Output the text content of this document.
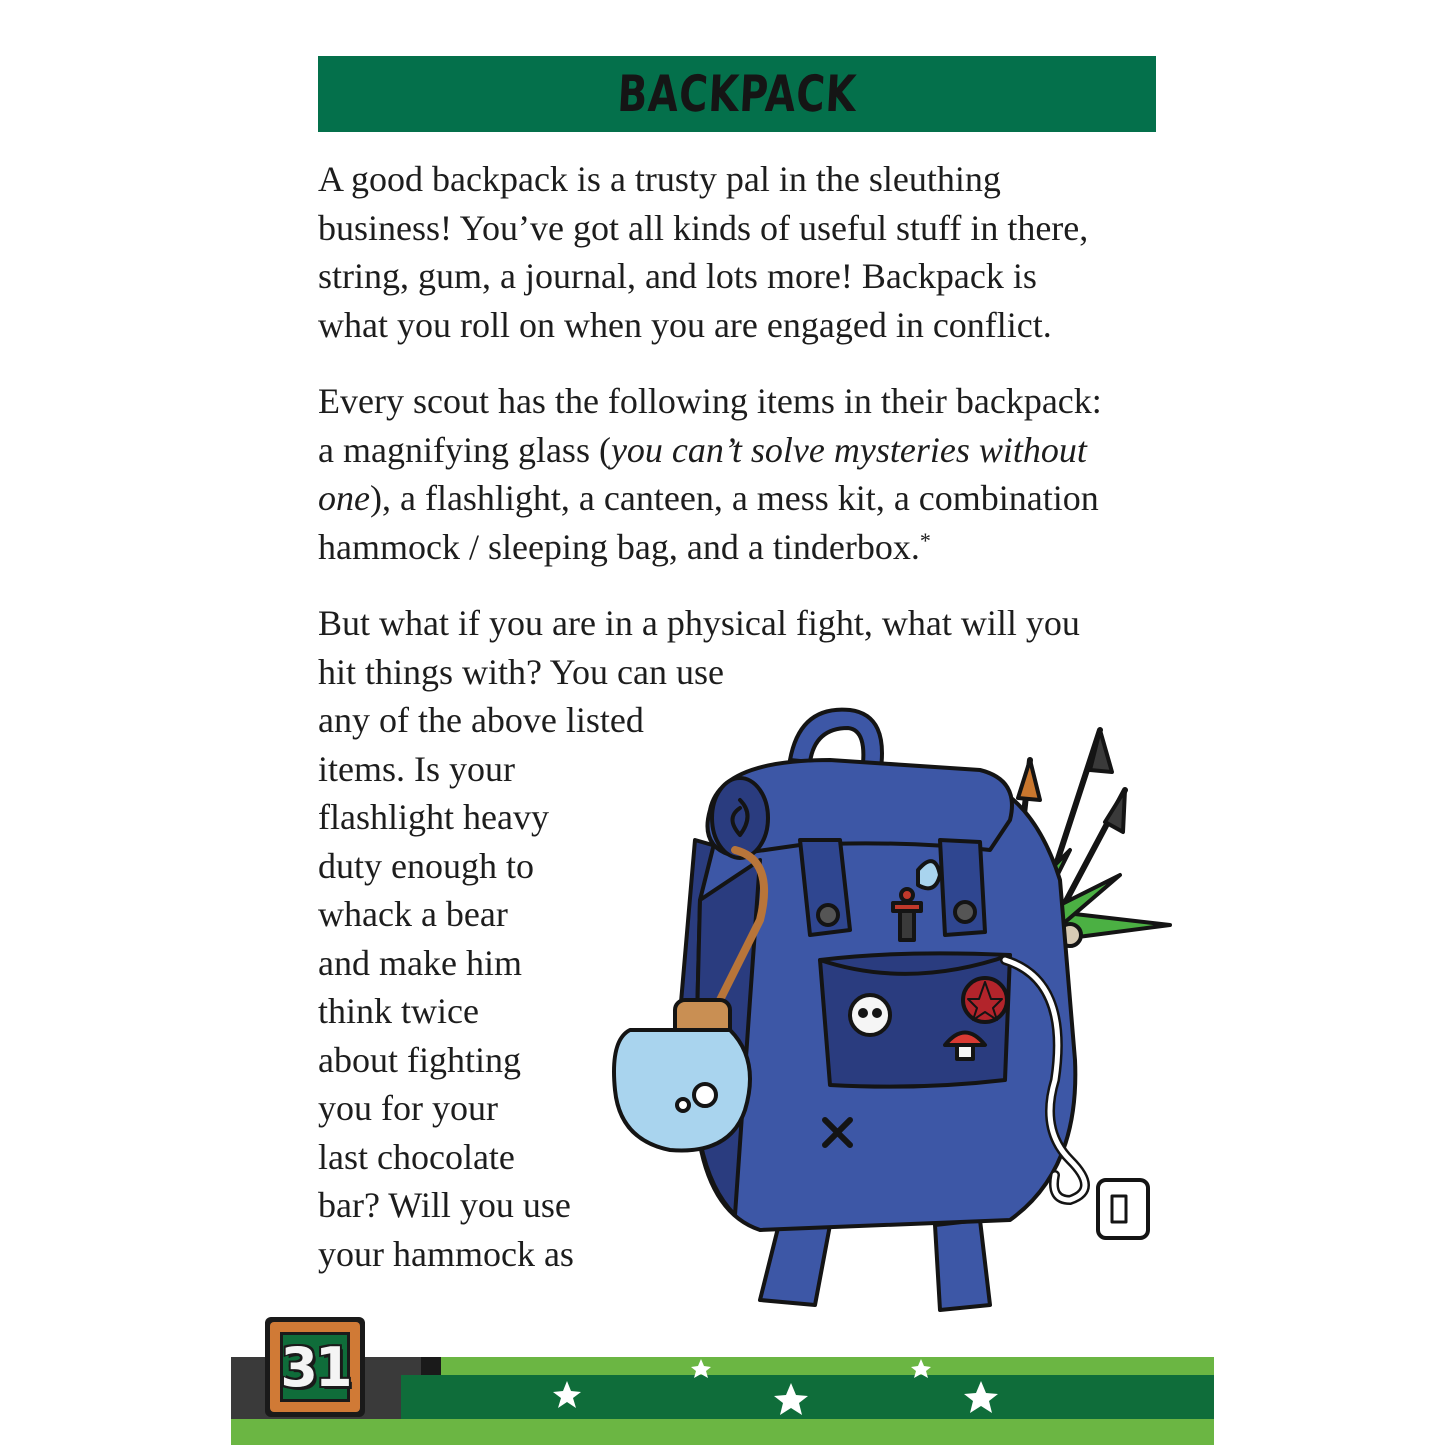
BACKPACK

A good backpack is a trusty pal in the sleuthing
business! You’ve got all kinds of useful stuff in there,
string, gum, a journal, and lots more! Backpack is
what you roll on when you are engaged in conflict.

Every scout has the following items in their backpack:
a magnifying glass (you can’t solve mysteries without
one), a flashlight, a canteen, a mess kit, a combination
hammock / sleeping bag, and a tinderbox.*

But what if you are in a physical fight, what will you
hit things with? You can use
any of the above listed
items. Is your
flashlight heavy
duty enough to
whack a bear
and make him
think twice
about fighting
you for your
last chocolate
bar? Will you use
your hammock as

31
